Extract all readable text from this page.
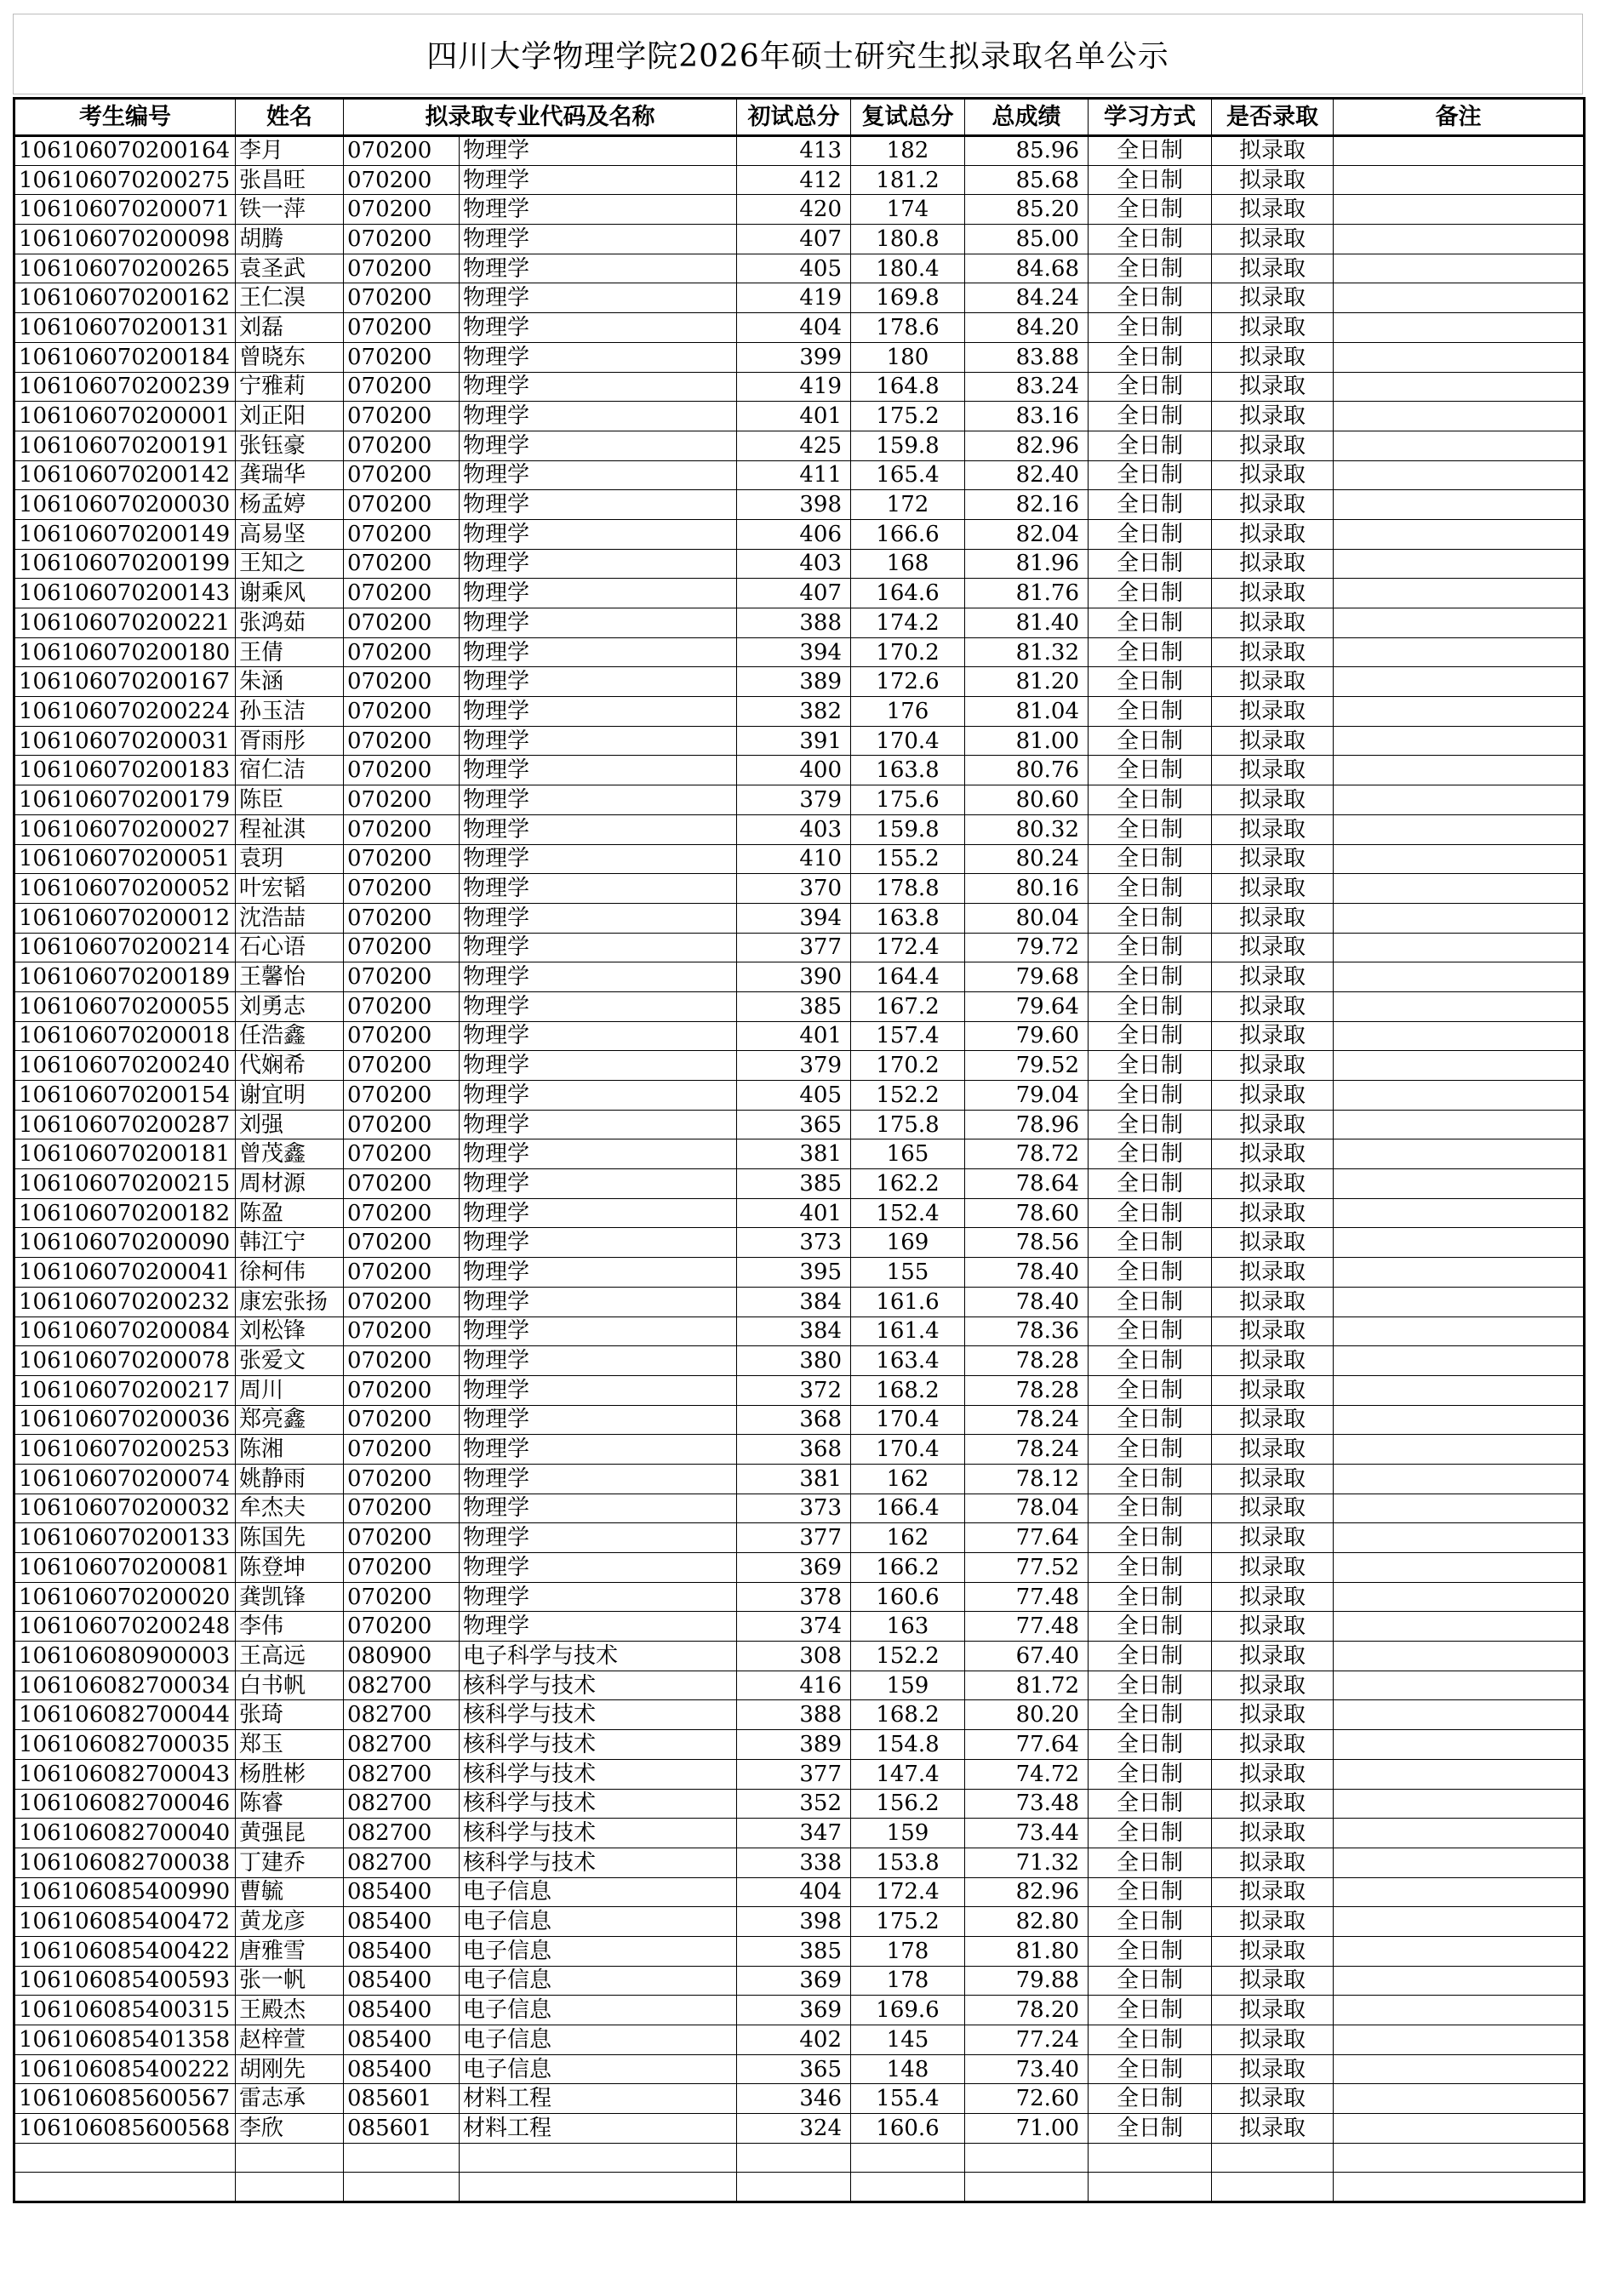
四川大学物理学院2026年硕士研究生拟录取名单公示
考生编号	姓名	拟录取专业代码及名称		初试总分	复试总分	总成绩	学习方式	是否录取	备注
106106070200164	李月	070200	物理学	413	182	85.96	全日制	拟录取	
106106070200275	张昌旺	070200	物理学	412	181.2	85.68	全日制	拟录取	
106106070200071	铁一萍	070200	物理学	420	174	85.20	全日制	拟录取	
106106070200098	胡腾	070200	物理学	407	180.8	85.00	全日制	拟录取	
106106070200265	袁圣武	070200	物理学	405	180.4	84.68	全日制	拟录取	
106106070200162	王仁淏	070200	物理学	419	169.8	84.24	全日制	拟录取	
106106070200131	刘磊	070200	物理学	404	178.6	84.20	全日制	拟录取	
106106070200184	曾晓东	070200	物理学	399	180	83.88	全日制	拟录取	
106106070200239	宁雅莉	070200	物理学	419	164.8	83.24	全日制	拟录取	
106106070200001	刘正阳	070200	物理学	401	175.2	83.16	全日制	拟录取	
106106070200191	张钰豪	070200	物理学	425	159.8	82.96	全日制	拟录取	
106106070200142	龚瑞华	070200	物理学	411	165.4	82.40	全日制	拟录取	
106106070200030	杨孟婷	070200	物理学	398	172	82.16	全日制	拟录取	
106106070200149	高易坚	070200	物理学	406	166.6	82.04	全日制	拟录取	
106106070200199	王知之	070200	物理学	403	168	81.96	全日制	拟录取	
106106070200143	谢乘风	070200	物理学	407	164.6	81.76	全日制	拟录取	
106106070200221	张鸿茹	070200	物理学	388	174.2	81.40	全日制	拟录取	
106106070200180	王倩	070200	物理学	394	170.2	81.32	全日制	拟录取	
106106070200167	朱涵	070200	物理学	389	172.6	81.20	全日制	拟录取	
106106070200224	孙玉洁	070200	物理学	382	176	81.04	全日制	拟录取	
106106070200031	胥雨彤	070200	物理学	391	170.4	81.00	全日制	拟录取	
106106070200183	宿仁洁	070200	物理学	400	163.8	80.76	全日制	拟录取	
106106070200179	陈臣	070200	物理学	379	175.6	80.60	全日制	拟录取	
106106070200027	程祉淇	070200	物理学	403	159.8	80.32	全日制	拟录取	
106106070200051	袁玥	070200	物理学	410	155.2	80.24	全日制	拟录取	
106106070200052	叶宏韬	070200	物理学	370	178.8	80.16	全日制	拟录取	
106106070200012	沈浩喆	070200	物理学	394	163.8	80.04	全日制	拟录取	
106106070200214	石心语	070200	物理学	377	172.4	79.72	全日制	拟录取	
106106070200189	王馨怡	070200	物理学	390	164.4	79.68	全日制	拟录取	
106106070200055	刘勇志	070200	物理学	385	167.2	79.64	全日制	拟录取	
106106070200018	任浩鑫	070200	物理学	401	157.4	79.60	全日制	拟录取	
106106070200240	代娴希	070200	物理学	379	170.2	79.52	全日制	拟录取	
106106070200154	谢宜明	070200	物理学	405	152.2	79.04	全日制	拟录取	
106106070200287	刘强	070200	物理学	365	175.8	78.96	全日制	拟录取	
106106070200181	曾茂鑫	070200	物理学	381	165	78.72	全日制	拟录取	
106106070200215	周材源	070200	物理学	385	162.2	78.64	全日制	拟录取	
106106070200182	陈盈	070200	物理学	401	152.4	78.60	全日制	拟录取	
106106070200090	韩江宁	070200	物理学	373	169	78.56	全日制	拟录取	
106106070200041	徐柯伟	070200	物理学	395	155	78.40	全日制	拟录取	
106106070200232	康宏张扬	070200	物理学	384	161.6	78.40	全日制	拟录取	
106106070200084	刘松锋	070200	物理学	384	161.4	78.36	全日制	拟录取	
106106070200078	张爱文	070200	物理学	380	163.4	78.28	全日制	拟录取	
106106070200217	周川	070200	物理学	372	168.2	78.28	全日制	拟录取	
106106070200036	郑亮鑫	070200	物理学	368	170.4	78.24	全日制	拟录取	
106106070200253	陈湘	070200	物理学	368	170.4	78.24	全日制	拟录取	
106106070200074	姚静雨	070200	物理学	381	162	78.12	全日制	拟录取	
106106070200032	牟杰夫	070200	物理学	373	166.4	78.04	全日制	拟录取	
106106070200133	陈国先	070200	物理学	377	162	77.64	全日制	拟录取	
106106070200081	陈登坤	070200	物理学	369	166.2	77.52	全日制	拟录取	
106106070200020	龚凯锋	070200	物理学	378	160.6	77.48	全日制	拟录取	
106106070200248	李伟	070200	物理学	374	163	77.48	全日制	拟录取	
106106080900003	王高远	080900	电子科学与技术	308	152.2	67.40	全日制	拟录取	
106106082700034	白书帆	082700	核科学与技术	416	159	81.72	全日制	拟录取	
106106082700044	张琦	082700	核科学与技术	388	168.2	80.20	全日制	拟录取	
106106082700035	郑玉	082700	核科学与技术	389	154.8	77.64	全日制	拟录取	
106106082700043	杨胜彬	082700	核科学与技术	377	147.4	74.72	全日制	拟录取	
106106082700046	陈睿	082700	核科学与技术	352	156.2	73.48	全日制	拟录取	
106106082700040	黄强昆	082700	核科学与技术	347	159	73.44	全日制	拟录取	
106106082700038	丁建乔	082700	核科学与技术	338	153.8	71.32	全日制	拟录取	
106106085400990	曹毓	085400	电子信息	404	172.4	82.96	全日制	拟录取	
106106085400472	黄龙彦	085400	电子信息	398	175.2	82.80	全日制	拟录取	
106106085400422	唐雅雪	085400	电子信息	385	178	81.80	全日制	拟录取	
106106085400593	张一帆	085400	电子信息	369	178	79.88	全日制	拟录取	
106106085400315	王殿杰	085400	电子信息	369	169.6	78.20	全日制	拟录取	
106106085401358	赵梓萱	085400	电子信息	402	145	77.24	全日制	拟录取	
106106085400222	胡刚先	085400	电子信息	365	148	73.40	全日制	拟录取	
106106085600567	雷志承	085601	材料工程	346	155.4	72.60	全日制	拟录取	
106106085600568	李欣	085601	材料工程	324	160.6	71.00	全日制	拟录取	
